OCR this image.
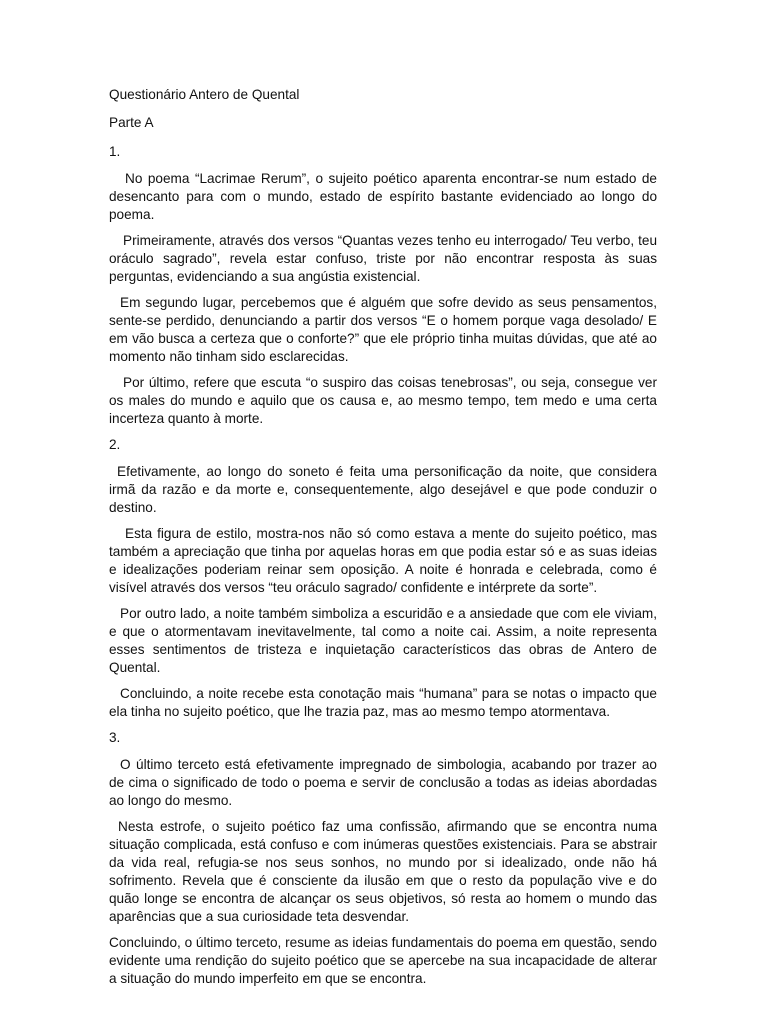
Questionário Antero de Quental
Parte A
1.

No poema “Lacrimae Rerum”, o sujeito poético aparenta encontrar-se num estado de desencanto para com o mundo, estado de espírito bastante evidenciado ao longo do poema.

Primeiramente, através dos versos “Quantas vezes tenho eu interrogado/ Teu verbo, teu oráculo sagrado”, revela estar confuso, triste por não encontrar resposta às suas perguntas, evidenciando a sua angústia existencial.

Em segundo lugar, percebemos que é alguém que sofre devido as seus pensamentos, sente-se perdido, denunciando a partir dos versos “E o homem porque vaga desolado/ E em vão busca a certeza que o conforte?” que ele próprio tinha muitas dúvidas, que até ao momento não tinham sido esclarecidas.

Por último, refere que escuta “o suspiro das coisas tenebrosas”, ou seja, consegue ver os males do mundo e aquilo que os causa e, ao mesmo tempo, tem medo e uma certa incerteza quanto à morte.

2.

Efetivamente, ao longo do soneto é feita uma personificação da noite, que considera irmã da razão e da morte e, consequentemente, algo desejável e que pode conduzir o destino.

Esta figura de estilo, mostra-nos não só como estava a mente do sujeito poético, mas também a apreciação que tinha por aquelas horas em que podia estar só e as suas ideias e idealizações poderiam reinar sem oposição. A noite é honrada e celebrada, como é visível através dos versos “teu oráculo sagrado/ confidente e intérprete da sorte”.

Por outro lado, a noite também simboliza a escuridão e a ansiedade que com ele viviam, e que o atormentavam inevitavelmente, tal como a noite cai. Assim, a noite representa esses sentimentos de tristeza e inquietação característicos das obras de Antero de Quental.

Concluindo, a noite recebe esta conotação mais “humana” para se notas o impacto que ela tinha no sujeito poético, que lhe trazia paz, mas ao mesmo tempo atormentava.

3.

O último terceto está efetivamente impregnado de simbologia, acabando por trazer ao de cima o significado de todo o poema e servir de conclusão a todas as ideias abordadas ao longo do mesmo.

Nesta estrofe, o sujeito poético faz uma confissão, afirmando que se encontra numa situação complicada, está confuso e com inúmeras questões existenciais. Para se abstrair da vida real, refugia-se nos seus sonhos, no mundo por si idealizado, onde não há sofrimento. Revela que é consciente da ilusão em que o resto da população vive e do quão longe se encontra de alcançar os seus objetivos, só resta ao homem o mundo das aparências que a sua curiosidade teta desvendar.

Concluindo, o último terceto, resume as ideias fundamentais do poema em questão, sendo evidente uma rendição do sujeito poético que se apercebe na sua incapacidade de alterar a situação do mundo imperfeito em que se encontra.
